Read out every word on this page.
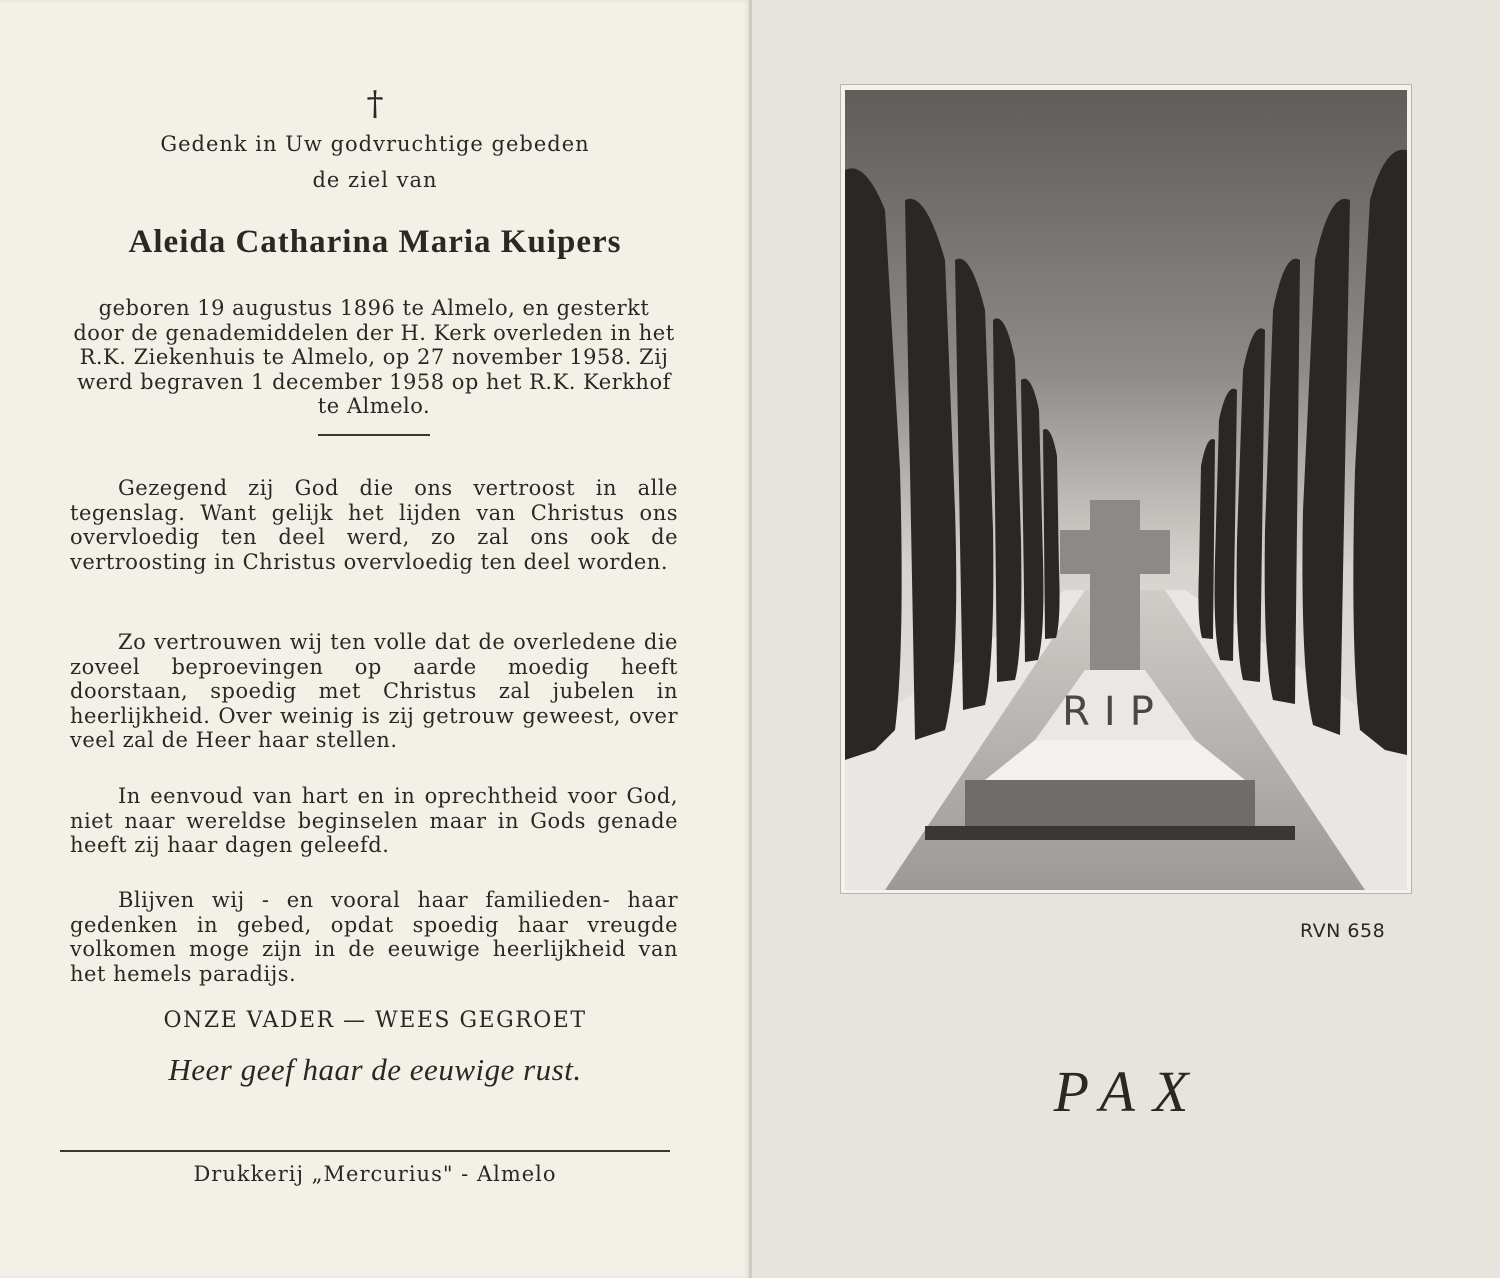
†
Gedenk in Uw godvruchtige gebeden
de ziel van
Aleida Catharina Maria Kuipers

geboren 19 augustus 1896 te Almelo, en gesterkt door de genademiddelen der H. Kerk overleden in het R.K. Ziekenhuis te Almelo, op 27 november 1958. Zij werd begraven 1 december 1958 op het R.K. Kerkhof te Almelo.

Gezegend zij God die ons vertroost in alle tegenslag. Want gelijk het lijden van Christus ons overvloedig ten deel werd, zo zal ons ook de vertroosting in Christus overvloedig ten deel worden.

Zo vertrouwen wij ten volle dat de overledene die zoveel beproevingen op aarde moedig heeft doorstaan, spoedig met Christus zal jubelen in heerlijkheid. Over weinig is zij getrouw geweest, over veel zal de Heer haar stellen.

In eenvoud van hart en in oprechtheid voor God, niet naar wereldse beginselen maar in Gods genade heeft zij haar dagen geleefd.

Blijven wij - en vooral haar familieden- haar gedenken in gebed, opdat spoedig haar vreugde volkomen moge zijn in de eeuwige heerlijkheid van het hemels paradijs.

ONZE VADER — WEES GEGROET
Heer geef haar de eeuwige rust.
Drukkerij „Mercurius" - Almelo
RIP
RVN 658
PAX
